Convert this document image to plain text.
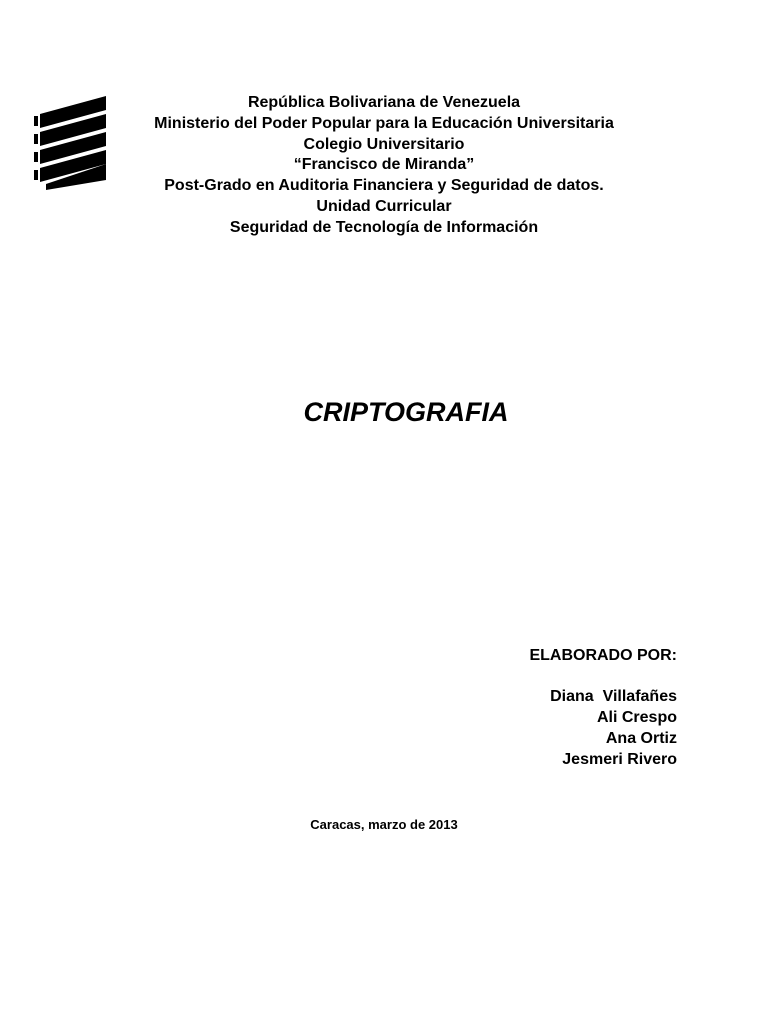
República Bolivariana de Venezuela
Ministerio del Poder Popular para la Educación Universitaria
Colegio Universitario
“Francisco de Miranda”
Post-Grado en Auditoria Financiera y Seguridad de datos.
Unidad Curricular
Seguridad de Tecnología de Información
CRIPTOGRAFIA
ELABORADO POR:
Diana  Villafañes
Ali Crespo
Ana Ortiz
Jesmeri Rivero
Caracas, marzo de 2013
